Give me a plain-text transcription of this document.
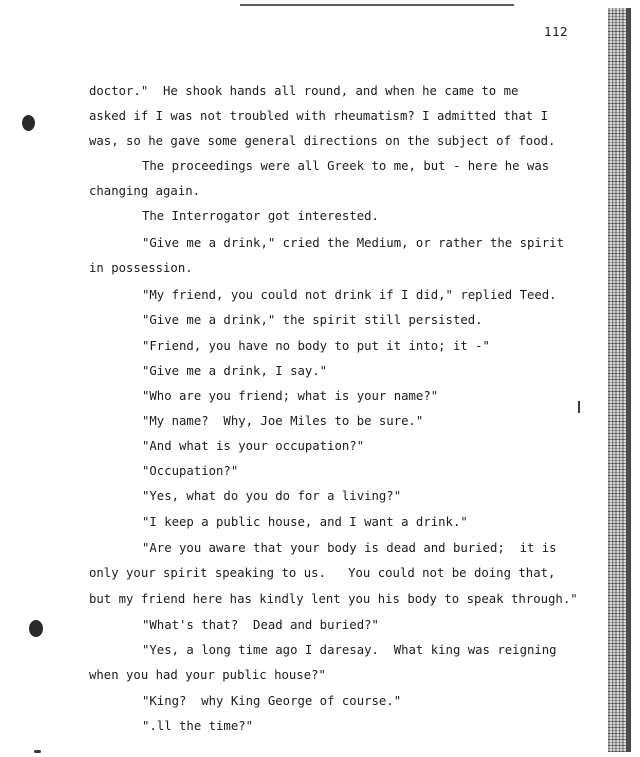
112
doctor."  He shook hands all round, and when he came to me
asked if I was not troubled with rheumatism? I admitted that I
was, so he gave some general directions on the subject of food.
The proceedings were all Greek to me, but - here he was
changing again.
The Interrogator got interested.
"Give me a drink," cried the Medium, or rather the spirit
in possession.
"My friend, you could not drink if I did," replied Teed.
"Give me a drink," the spirit still persisted.
"Friend, you have no body to put it into; it -"
"Give me a drink, I say."
"Who are you friend; what is your name?"
"My name?  Why, Joe Miles to be sure."
"And what is your occupation?"
"Occupation?"
"Yes, what do you do for a living?"
"I keep a public house, and I want a drink."
"Are you aware that your body is dead and buried;  it is
only your spirit speaking to us.   You could not be doing that,
but my friend here has kindly lent you his body to speak through."
"What's that?  Dead and buried?"
"Yes, a long time ago I daresay.  What king was reigning
when you had your public house?"
"King?  why King George of course."
".ll the time?"
